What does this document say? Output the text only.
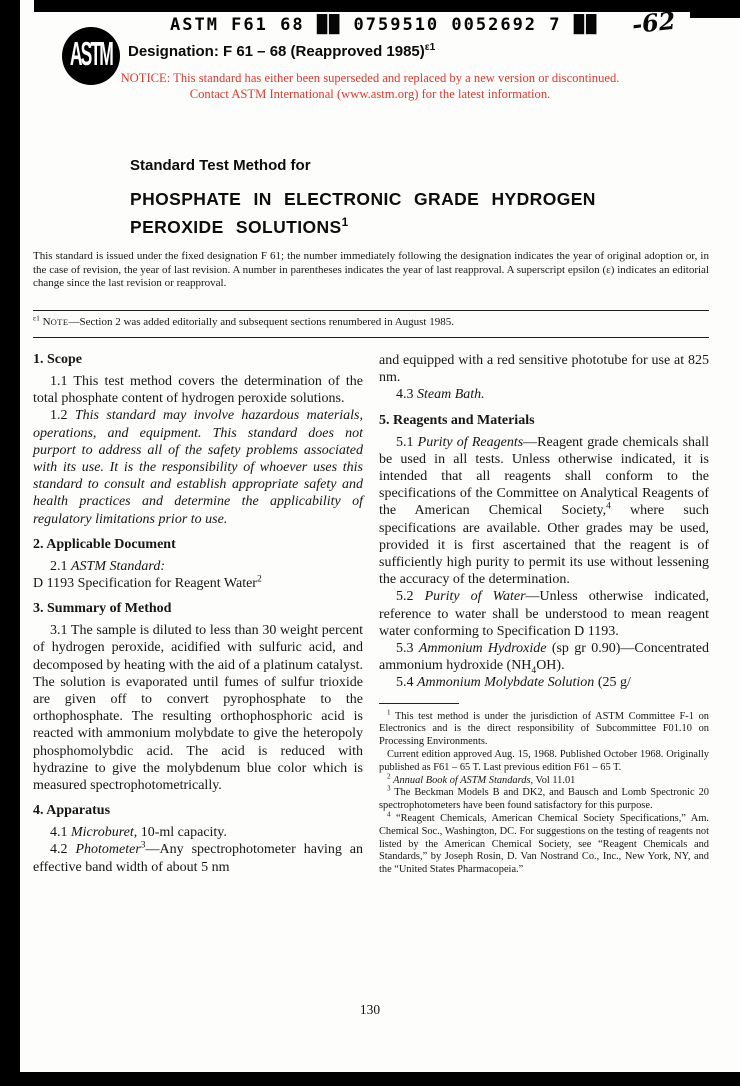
ASTM F61 68 ██ 0759510 0052692 7 ██	-62
ASTM Designation: F 61 – 68 (Reapproved 1985)$^{\varepsilon 1}$
NOTICE: This standard has either been superseded and replaced by a new version or discontinued.
Contact ASTM International (www.astm.org) for the latest information.
Standard Test Method for
PHOSPHATE IN ELECTRONIC GRADE HYDROGEN
PEROXIDE SOLUTIONS$^1$
This standard is issued under the fixed designation F 61; the number immediately following the designation indicates the year of original adoption or, in the case of revision, the year of last revision. A number in parentheses indicates the year of last reapproval. A superscript epsilon (ε) indicates an editorial change since the last revision or reapproval.
$^{\varepsilon 1}$ NOTE—Section 2 was added editorially and subsequent sections renumbered in August 1985.
1. Scope
1.1 This test method covers the determination of the total phosphate content of hydrogen peroxide solutions.
1.2 This standard may involve hazardous materials, operations, and equipment. This standard does not purport to address all of the safety problems associated with its use. It is the responsibility of whoever uses this standard to consult and establish appropriate safety and health practices and determine the applicability of regulatory limitations prior to use.
2. Applicable Document
2.1 ASTM Standard:
D 1193 Specification for Reagent Water$^2$
3. Summary of Method
3.1 The sample is diluted to less than 30 weight percent of hydrogen peroxide, acidified with sulfuric acid, and decomposed by heating with the aid of a platinum catalyst. The solution is evaporated until fumes of sulfur trioxide are given off to convert pyrophosphate to the orthophosphate. The resulting orthophosphoric acid is reacted with ammonium molybdate to give the heteropoly phosphomolybdic acid. The acid is reduced with hydrazine to give the molybdenum blue color which is measured spectrophotometrically.
4. Apparatus
4.1 Microburet, 10-ml capacity.
4.2 Photometer$^3$—Any spectrophotometer having an effective band width of about 5 nm
and equipped with a red sensitive phototube for use at 825 nm.
4.3 Steam Bath.
5. Reagents and Materials
5.1 Purity of Reagents—Reagent grade chemicals shall be used in all tests. Unless otherwise indicated, it is intended that all reagents shall conform to the specifications of the Committee on Analytical Reagents of the American Chemical Society,$^4$ where such specifications are available. Other grades may be used, provided it is first ascertained that the reagent is of sufficiently high purity to permit its use without lessening the accuracy of the determination.
5.2 Purity of Water—Unless otherwise indicated, reference to water shall be understood to mean reagent water conforming to Specification D 1193.
5.3 Ammonium Hydroxide (sp gr 0.90)—Concentrated ammonium hydroxide $(NH_4OH)$.
5.4 Ammonium Molybdate Solution (25 g/
$^1$ This test method is under the jurisdiction of ASTM Committee F-1 on Electronics and is the direct responsibility of Subcommittee F01.10 on Processing Environments.
Current edition approved Aug. 15, 1968. Published October 1968. Originally published as F61 – 65 T. Last previous edition F61 – 65 T.
$^2$ Annual Book of ASTM Standards, Vol 11.01
$^3$ The Beckman Models B and DK2, and Bausch and Lomb Spectronic 20 spectrophotometers have been found satisfactory for this purpose.
$^4$ “Reagent Chemicals, American Chemical Society Specifications,” Am. Chemical Soc., Washington, DC. For suggestions on the testing of reagents not listed by the American Chemical Society, see “Reagent Chemicals and Standards,” by Joseph Rosin, D. Van Nostrand Co., Inc., New York, NY, and the “United States Pharmacopeia.”
130
